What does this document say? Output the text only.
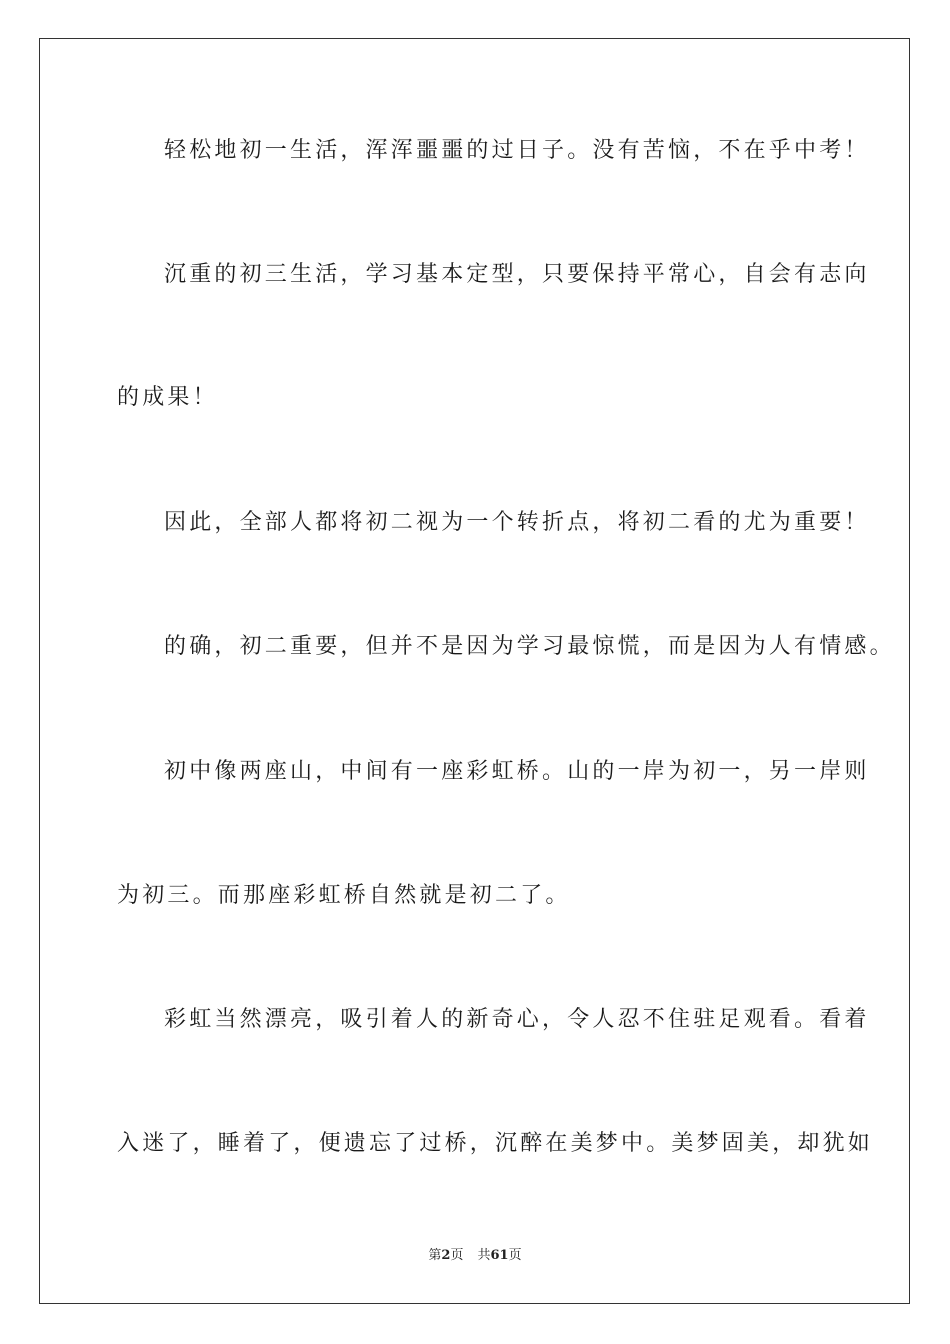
轻松地初一生活，浑浑噩噩的过日子。没有苦恼，不在乎中考！
沉重的初三生活，学习基本定型，只要保持平常心，自会有志向
的成果！
因此，全部人都将初二视为一个转折点，将初二看的尤为重要！
的确，初二重要，但并不是因为学习最惊慌，而是因为人有情感。
初中像两座山，中间有一座彩虹桥。山的一岸为初一，另一岸则
为初三。而那座彩虹桥自然就是初二了。
彩虹当然漂亮，吸引着人的新奇心，令人忍不住驻足观看。看着
入迷了，睡着了，便遗忘了过桥，沉醉在美梦中。美梦固美，却犹如
第2页 共61页
